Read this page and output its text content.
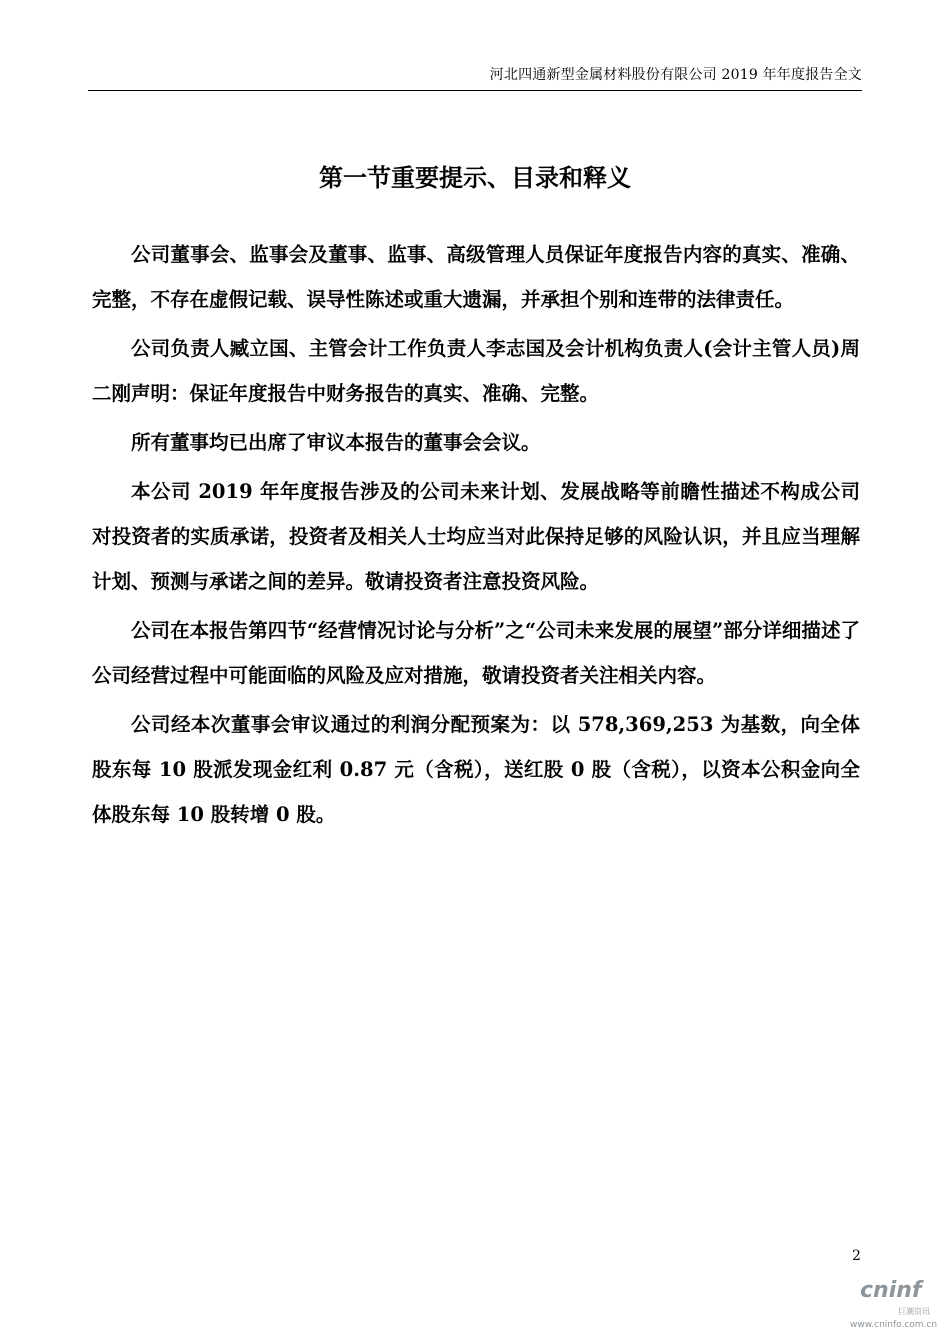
河北四通新型金属材料股份有限公司 2019 年年度报告全文
第一节重要提示、目录和释义

公司董事会、监事会及董事、监事、高级管理人员保证年度报告内容的真实、准确、完整，不存在虚假记载、误导性陈述或重大遗漏，并承担个别和连带的法律责任。

公司负责人臧立国、主管会计工作负责人李志国及会计机构负责人(会计主管人员)周二刚声明：保证年度报告中财务报告的真实、准确、完整。

所有董事均已出席了审议本报告的董事会会议。

本公司 2019 年年度报告涉及的公司未来计划、发展战略等前瞻性描述不构成公司对投资者的实质承诺，投资者及相关人士均应当对此保持足够的风险认识，并且应当理解计划、预测与承诺之间的差异。敬请投资者注意投资风险。

公司在本报告第四节“经营情况讨论与分析”之“公司未来发展的展望”部分详细描述了公司经营过程中可能面临的风险及应对措施，敬请投资者关注相关内容。

公司经本次董事会审议通过的利润分配预案为：以 578,369,253 为基数，向全体股东每 10 股派发现金红利 0.87 元（含税），送红股 0 股（含税），以资本公积金向全体股东每 10 股转增 0 股。

2
cninf
巨潮资讯
www.cninfo.com.cn
